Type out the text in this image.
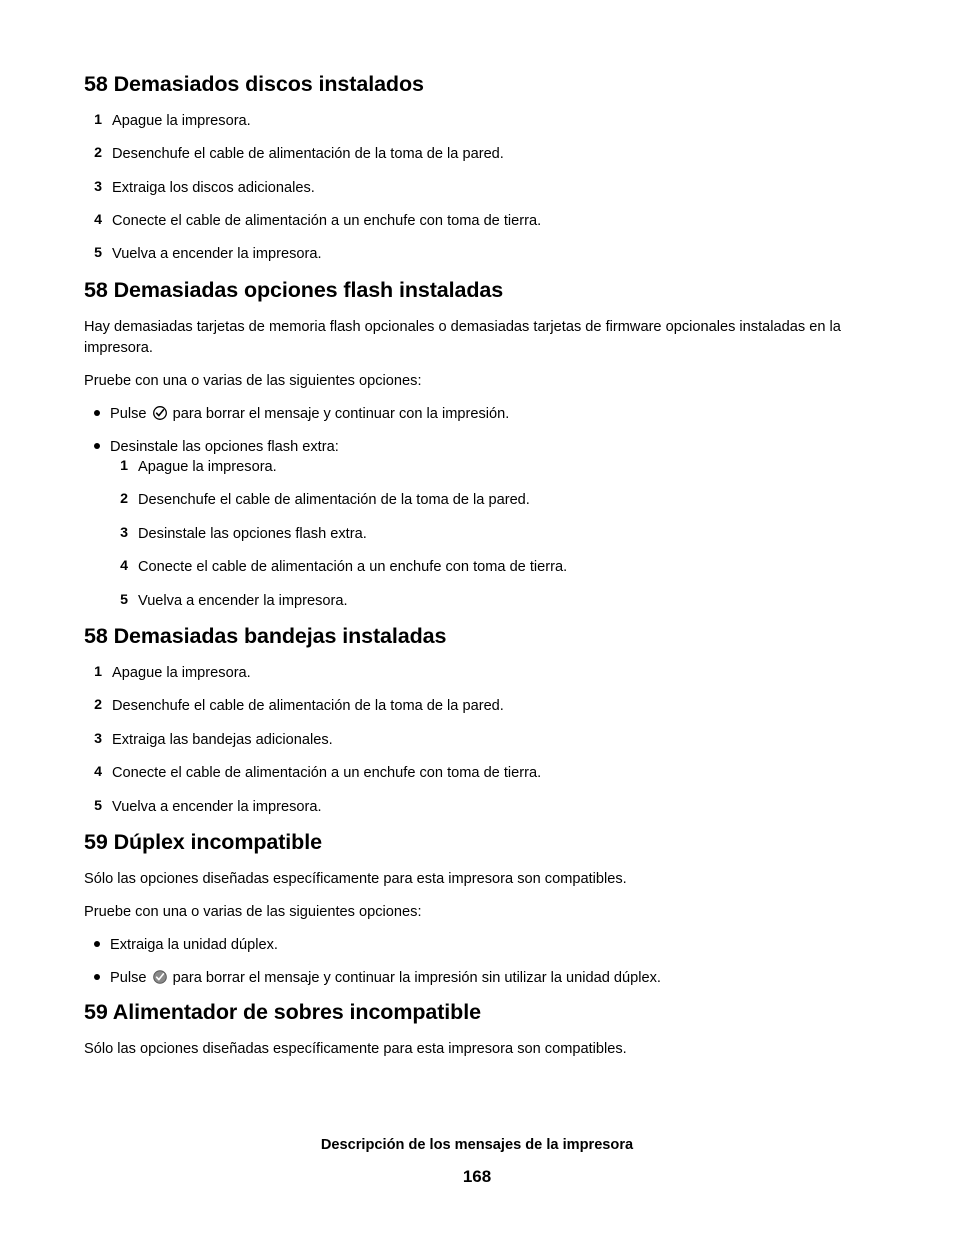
58 Demasiados discos instalados
1 Apague la impresora.
2 Desenchufe el cable de alimentación de la toma de la pared.
3 Extraiga los discos adicionales.
4 Conecte el cable de alimentación a un enchufe con toma de tierra.
5 Vuelva a encender la impresora.
58 Demasiadas opciones flash instaladas

Hay demasiadas tarjetas de memoria flash opcionales o demasiadas tarjetas de firmware opcionales instaladas en la impresora.

Pruebe con una o varias de las siguientes opciones:

Pulse para borrar el mensaje y continuar con la impresión.
Desinstale las opciones flash extra:
1 Apague la impresora.
2 Desenchufe el cable de alimentación de la toma de la pared.
3 Desinstale las opciones flash extra.
4 Conecte el cable de alimentación a un enchufe con toma de tierra.
5 Vuelva a encender la impresora.
58 Demasiadas bandejas instaladas
1 Apague la impresora.
2 Desenchufe el cable de alimentación de la toma de la pared.
3 Extraiga las bandejas adicionales.
4 Conecte el cable de alimentación a un enchufe con toma de tierra.
5 Vuelva a encender la impresora.
59 Dúplex incompatible

Sólo las opciones diseñadas específicamente para esta impresora son compatibles.

Pruebe con una o varias de las siguientes opciones:

Extraiga la unidad dúplex.
Pulse para borrar el mensaje y continuar la impresión sin utilizar la unidad dúplex.
59 Alimentador de sobres incompatible

Sólo las opciones diseñadas específicamente para esta impresora son compatibles.

Descripción de los mensajes de la impresora
168
